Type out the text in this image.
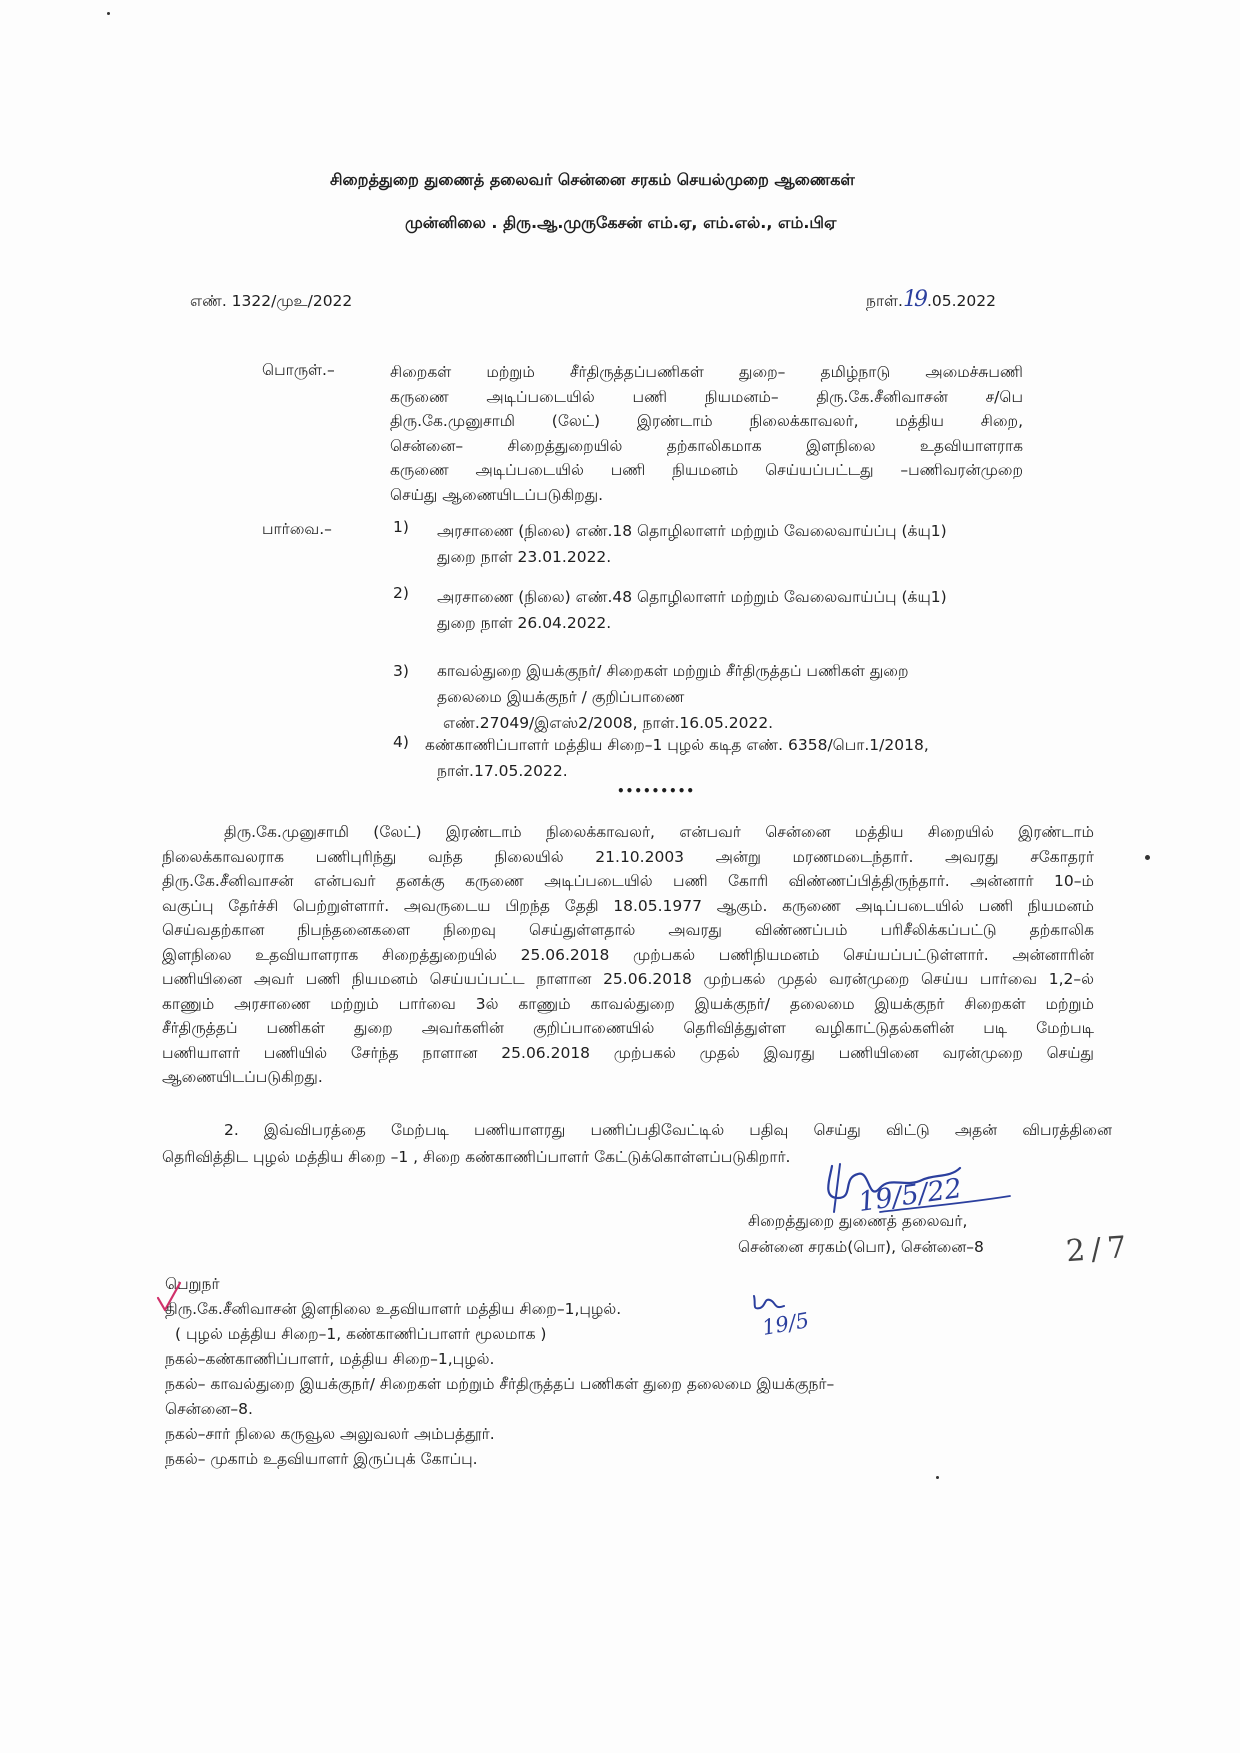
சிறைத்துறை துணைத் தலைவர் சென்னை சரகம் செயல்முறை ஆணைகள்
முன்னிலை . திரு.ஆ.முருகேசன் எம்.ஏ, எம்.எல்., எம்.பிஏ
எண். 1322/முஉ/2022	நாள்.19 .05.2022
பொருள்.–	சிறைகள் மற்றும் சீர்திருத்தப்பணிகள் துறை– தமிழ்நாடு அமைச்சுபணி
கருணை அடிப்படையில் பணி நியமனம்– திரு.கே.சீனிவாசன் ச/பெ
திரு.கே.முனுசாமி (லேட்) இரண்டாம் நிலைக்காவலர், மத்திய சிறை,
சென்னை– சிறைத்துறையில் தற்காலிகமாக இளநிலை உதவியாளராக
கருணை அடிப்படையில் பணி நியமனம் செய்யப்பட்டது –பணிவரன்முறை
செய்து ஆணையிடப்படுகிறது.
பார்வை.–	1) அரசாணை (நிலை) எண்.18 தொழிலாளர் மற்றும் வேலைவாய்ப்பு (க்யு1)
துறை நாள் 23.01.2022.
2) அரசாணை (நிலை) எண்.48 தொழிலாளர் மற்றும் வேலைவாய்ப்பு (க்யு1)
துறை நாள் 26.04.2022.
3) காவல்துறை இயக்குநர்/ சிறைகள் மற்றும் சீர்திருத்தப் பணிகள் துறை
தலைமை இயக்குநர் / குறிப்பாணை
எண்.27049/இஎஸ்2/2008, நாள்.16.05.2022.
4) கண்காணிப்பாளர் மத்திய சிறை–1 புழல் கடித எண். 6358/பொ.1/2018,
நாள்.17.05.2022.
•••••••••
திரு.கே.முனுசாமி (லேட்) இரண்டாம் நிலைக்காவலர், என்பவர் சென்னை மத்திய சிறையில் இரண்டாம்
நிலைக்காவலராக பணிபுரிந்து வந்த நிலையில் 21.10.2003 அன்று மரணமடைந்தார். அவரது சகோதரர்
திரு.கே.சீனிவாசன் என்பவர் தனக்கு கருணை அடிப்படையில் பணி கோரி விண்ணப்பித்திருந்தார். அன்னார் 10–ம்
வகுப்பு தேர்ச்சி பெற்றுள்ளார். அவருடைய பிறந்த தேதி 18.05.1977 ஆகும். கருணை அடிப்படையில் பணி நியமனம்
செய்வதற்கான நிபந்தனைகளை நிறைவு செய்துள்ளதால் அவரது விண்ணப்பம் பரிசீலிக்கப்பட்டு தற்காலிக
இளநிலை உதவியாளராக சிறைத்துறையில் 25.06.2018 முற்பகல் பணிநியமனம் செய்யப்பட்டுள்ளார். அன்னாரின்
பணியினை அவர் பணி நியமனம் செய்யப்பட்ட நாளான 25.06.2018 முற்பகல் முதல் வரன்முறை செய்ய பார்வை 1,2–ல்
காணும் அரசாணை மற்றும் பார்வை 3ல் காணும் காவல்துறை இயக்குநர்/ தலைமை இயக்குநர் சிறைகள் மற்றும்
சீர்திருத்தப் பணிகள் துறை அவர்களின் குறிப்பாணையில் தெரிவித்துள்ள வழிகாட்டுதல்களின் படி மேற்படி
பணியாளர் பணியில் சேர்ந்த நாளான 25.06.2018 முற்பகல் முதல் இவரது பணியினை வரன்முறை செய்து
ஆணையிடப்படுகிறது.
2. இவ்விபரத்தை மேற்படி பணியாளரது பணிப்பதிவேட்டில் பதிவு செய்து விட்டு அதன் விபரத்தினை
தெரிவித்திட புழல் மத்திய சிறை –1 , சிறை கண்காணிப்பாளர் கேட்டுக்கொள்ளப்படுகிறார்.
19/5/22
சிறைத்துறை துணைத் தலைவர்,
சென்னை சரகம்(பொ), சென்னை–8	2/7
பெறுநர்
திரு.கே.சீனிவாசன் இளநிலை உதவியாளர் மத்திய சிறை–1,புழல்.
( புழல் மத்திய சிறை–1, கண்காணிப்பாளர் மூலமாக )
நகல்–கண்காணிப்பாளர், மத்திய சிறை–1,புழல்.
நகல்– காவல்துறை இயக்குநர்/ சிறைகள் மற்றும் சீர்திருத்தப் பணிகள் துறை தலைமை இயக்குநர்–
சென்னை–8.
நகல்–சார் நிலை கருவூல அலுவலர் அம்பத்தூர்.
நகல்– முகாம் உதவியாளர் இருப்புக் கோப்பு.
19/5
